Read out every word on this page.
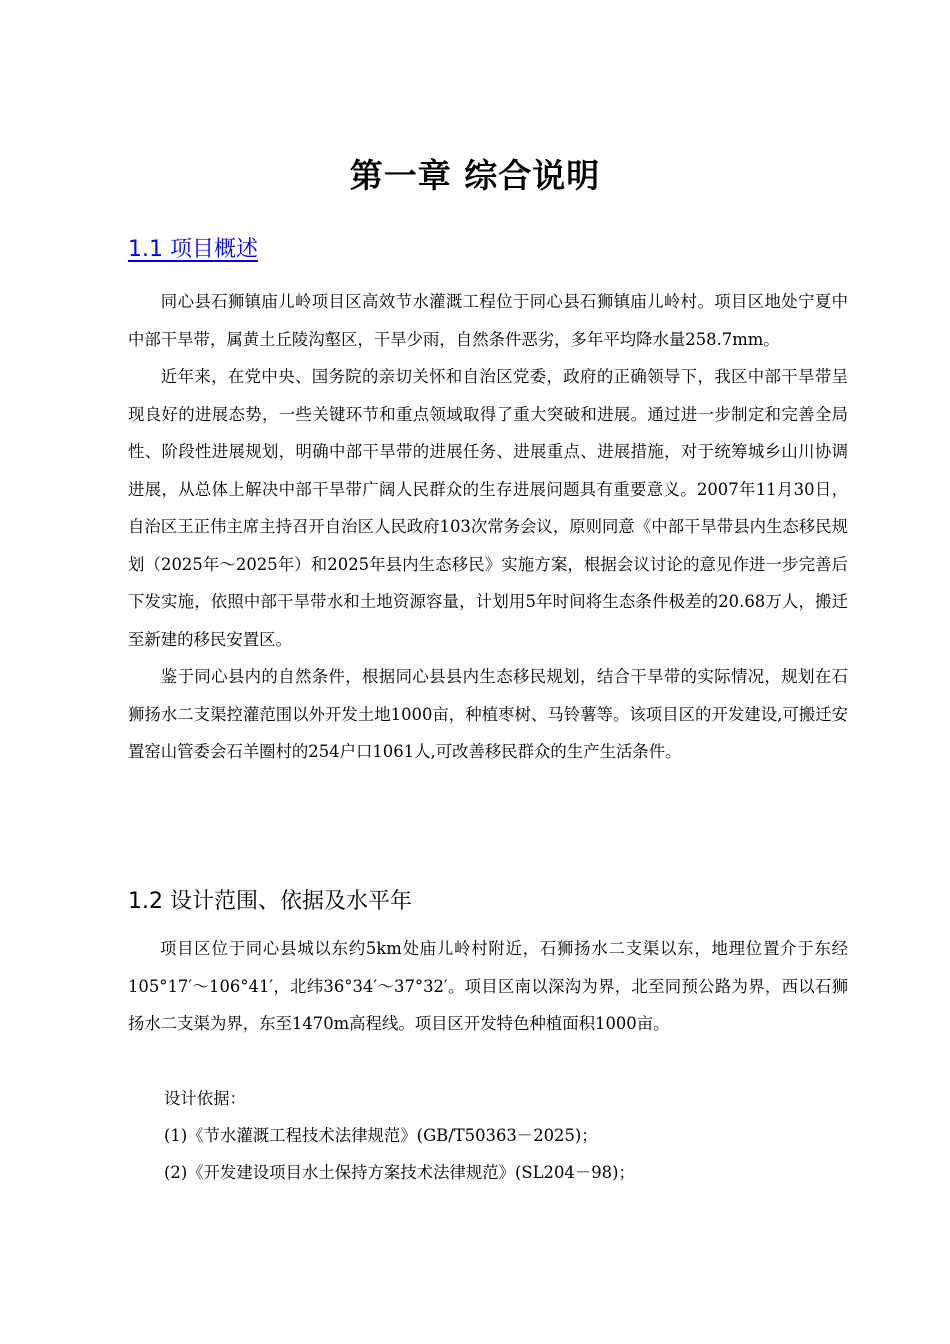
第一章 综合说明
1.1 项目概述

同心县石狮镇庙儿岭项目区高效节水灌溉工程位于同心县石狮镇庙儿岭村。项目区地处宁夏中中部干旱带，属黄土丘陵沟壑区，干旱少雨，自然条件恶劣，多年平均降水量258.7mm。

近年来，在党中央、国务院的亲切关怀和自治区党委，政府的正确领导下，我区中部干旱带呈现良好的进展态势，一些关键环节和重点领域取得了重大突破和进展。通过进一步制定和完善全局性、阶段性进展规划，明确中部干旱带的进展任务、进展重点、进展措施，对于统筹城乡山川协调进展，从总体上解决中部干旱带广阔人民群众的生存进展问题具有重要意义。2007年11月30日，自治区王正伟主席主持召开自治区人民政府103次常务会议，原则同意《中部干旱带县内生态移民规划（2025年～2025年）和2025年县内生态移民》实施方案，根据会议讨论的意见作进一步完善后下发实施，依照中部干旱带水和土地资源容量，计划用5年时间将生态条件极差的20.68万人，搬迁至新建的移民安置区。

鉴于同心县内的自然条件，根据同心县县内生态移民规划，结合干旱带的实际情况，规划在石狮扬水二支渠控灌范围以外开发土地1000亩，种植枣树、马铃薯等。该项目区的开发建设,可搬迁安置窑山管委会石羊圈村的254户口1061人,可改善移民群众的生产生活条件。

1.2 设计范围、依据及水平年

项目区位于同心县城以东约5km处庙儿岭村附近，石狮扬水二支渠以东，地理位置介于东经105°17′～106°41′，北纬36°34′～37°32′。项目区南以深沟为界，北至同预公路为界，西以石狮扬水二支渠为界，东至1470m高程线。项目区开发特色种植面积1000亩。

设计依据：
(1)《节水灌溉工程技术法律规范》(GB/T50363－2025)；
(2)《开发建设项目水土保持方案技术法律规范》(SL204－98)；
